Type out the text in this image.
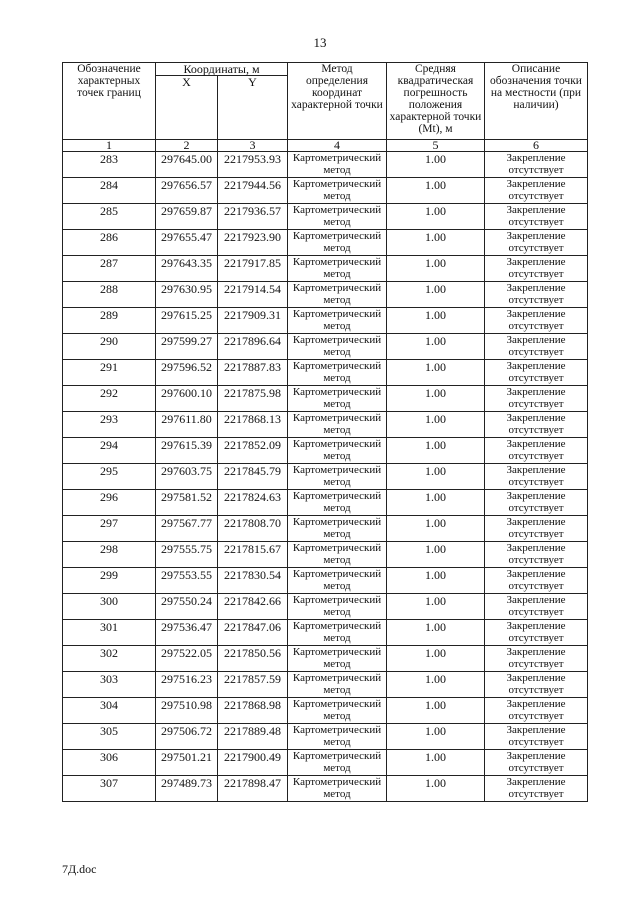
13
Обозначение характерных точек границ	Координаты, м		Метод определения координат характерной точки	Средняя квадратическая погрешность положения характерной точки (Mt), м	Описание обозначения точки на местности (при наличии)
	X	Y			
1	2	3	4	5	6
283	297645.00	2217953.93	Картометрический метод	1.00	Закрепление отсутствует
284	297656.57	2217944.56	Картометрический метод	1.00	Закрепление отсутствует
285	297659.87	2217936.57	Картометрический метод	1.00	Закрепление отсутствует
286	297655.47	2217923.90	Картометрический метод	1.00	Закрепление отсутствует
287	297643.35	2217917.85	Картометрический метод	1.00	Закрепление отсутствует
288	297630.95	2217914.54	Картометрический метод	1.00	Закрепление отсутствует
289	297615.25	2217909.31	Картометрический метод	1.00	Закрепление отсутствует
290	297599.27	2217896.64	Картометрический метод	1.00	Закрепление отсутствует
291	297596.52	2217887.83	Картометрический метод	1.00	Закрепление отсутствует
292	297600.10	2217875.98	Картометрический метод	1.00	Закрепление отсутствует
293	297611.80	2217868.13	Картометрический метод	1.00	Закрепление отсутствует
294	297615.39	2217852.09	Картометрический метод	1.00	Закрепление отсутствует
295	297603.75	2217845.79	Картометрический метод	1.00	Закрепление отсутствует
296	297581.52	2217824.63	Картометрический метод	1.00	Закрепление отсутствует
297	297567.77	2217808.70	Картометрический метод	1.00	Закрепление отсутствует
298	297555.75	2217815.67	Картометрический метод	1.00	Закрепление отсутствует
299	297553.55	2217830.54	Картометрический метод	1.00	Закрепление отсутствует
300	297550.24	2217842.66	Картометрический метод	1.00	Закрепление отсутствует
301	297536.47	2217847.06	Картометрический метод	1.00	Закрепление отсутствует
302	297522.05	2217850.56	Картометрический метод	1.00	Закрепление отсутствует
303	297516.23	2217857.59	Картометрический метод	1.00	Закрепление отсутствует
304	297510.98	2217868.98	Картометрический метод	1.00	Закрепление отсутствует
305	297506.72	2217889.48	Картометрический метод	1.00	Закрепление отсутствует
306	297501.21	2217900.49	Картометрический метод	1.00	Закрепление отсутствует
307	297489.73	2217898.47	Картометрический метод	1.00	Закрепление отсутствует
7Д.doc
